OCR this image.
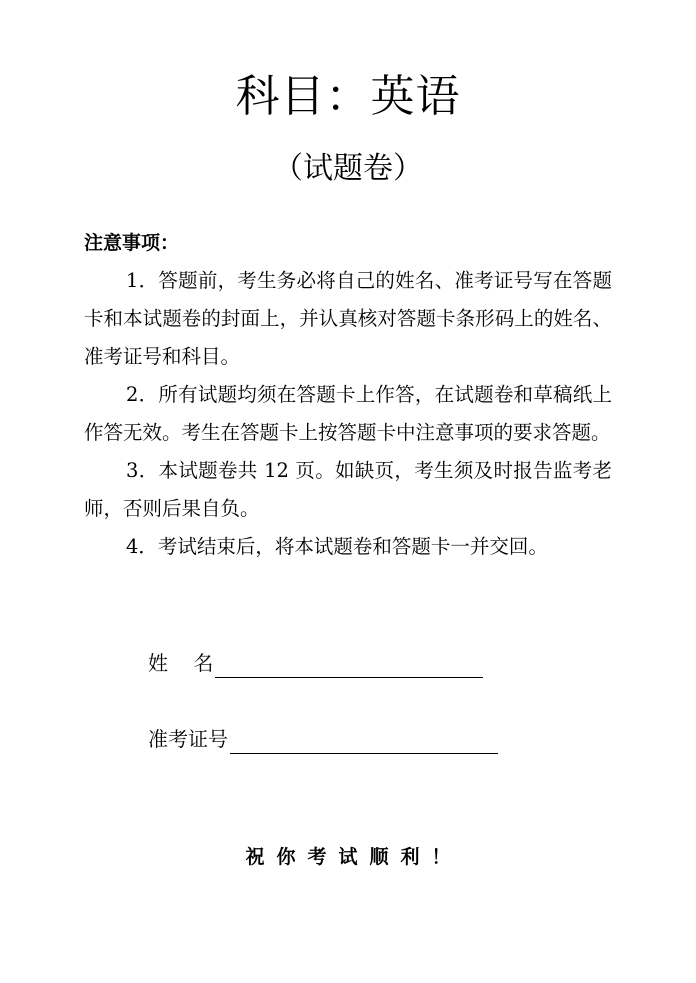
科目：英语
（试题卷）
注意事项：

1．答题前，考生务必将自己的姓名、准考证号写在答题卡和本试题卷的封面上，并认真核对答题卡条形码上的姓名、准考证号和科目。

2．所有试题均须在答题卡上作答，在试题卷和草稿纸上作答无效。考生在答题卡上按答题卡中注意事项的要求答题。

3．本试题卷共 12 页。如缺页，考生须及时报告监考老师，否则后果自负。

4．考试结束后，将本试题卷和答题卡一并交回。

姓    名
准考证号
祝你考试顺利！
